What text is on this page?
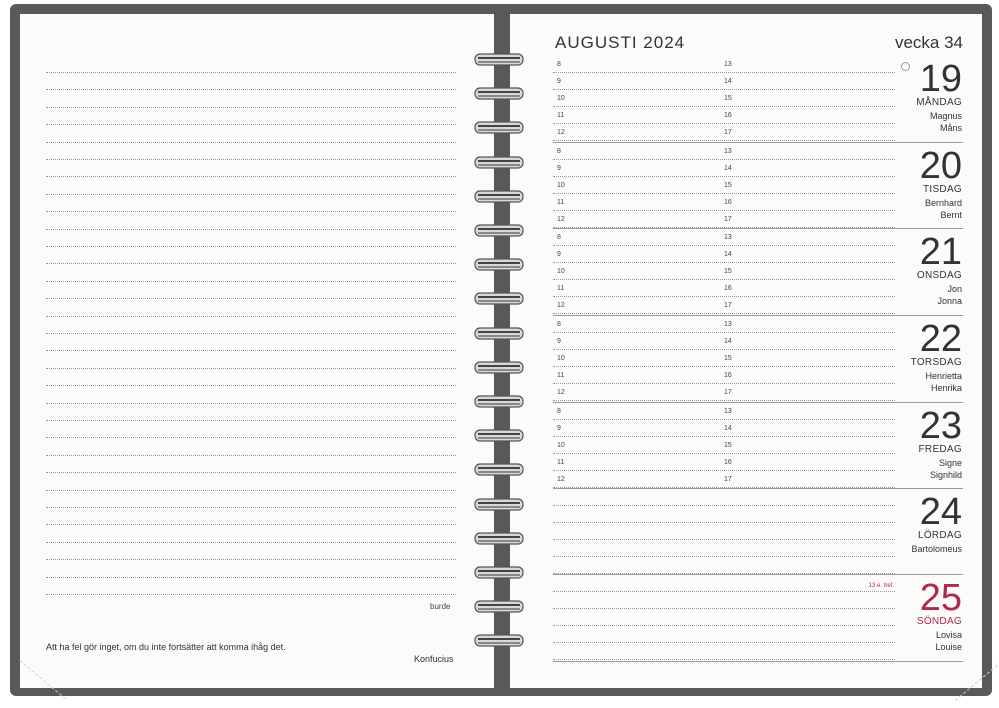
burde
Att ha fel gör inget, om du inte fortsätter att komma ihåg det.
Konfucius
AUGUSTI 2024	vecka 34
8	13
9	14
10	15
11	16
12	17
19
MÅNDAG
Magnus
Måns
8	13
9	14
10	15
11	16
12	17
20
TISDAG
Bernhard
Bernt
8	13
9	14
10	15
11	16
12	17
21
ONSDAG
Jon
Jonna
8	13
9	14
10	15
11	16
12	17
22
TORSDAG
Henrietta
Henrika
8	13
9	14
10	15
11	16
12	17
23
FREDAG
Signe
Signhild
24
LÖRDAG
Bartolomeus
25
SÖNDAG
Lovisa
Louise
13 e. tref.
